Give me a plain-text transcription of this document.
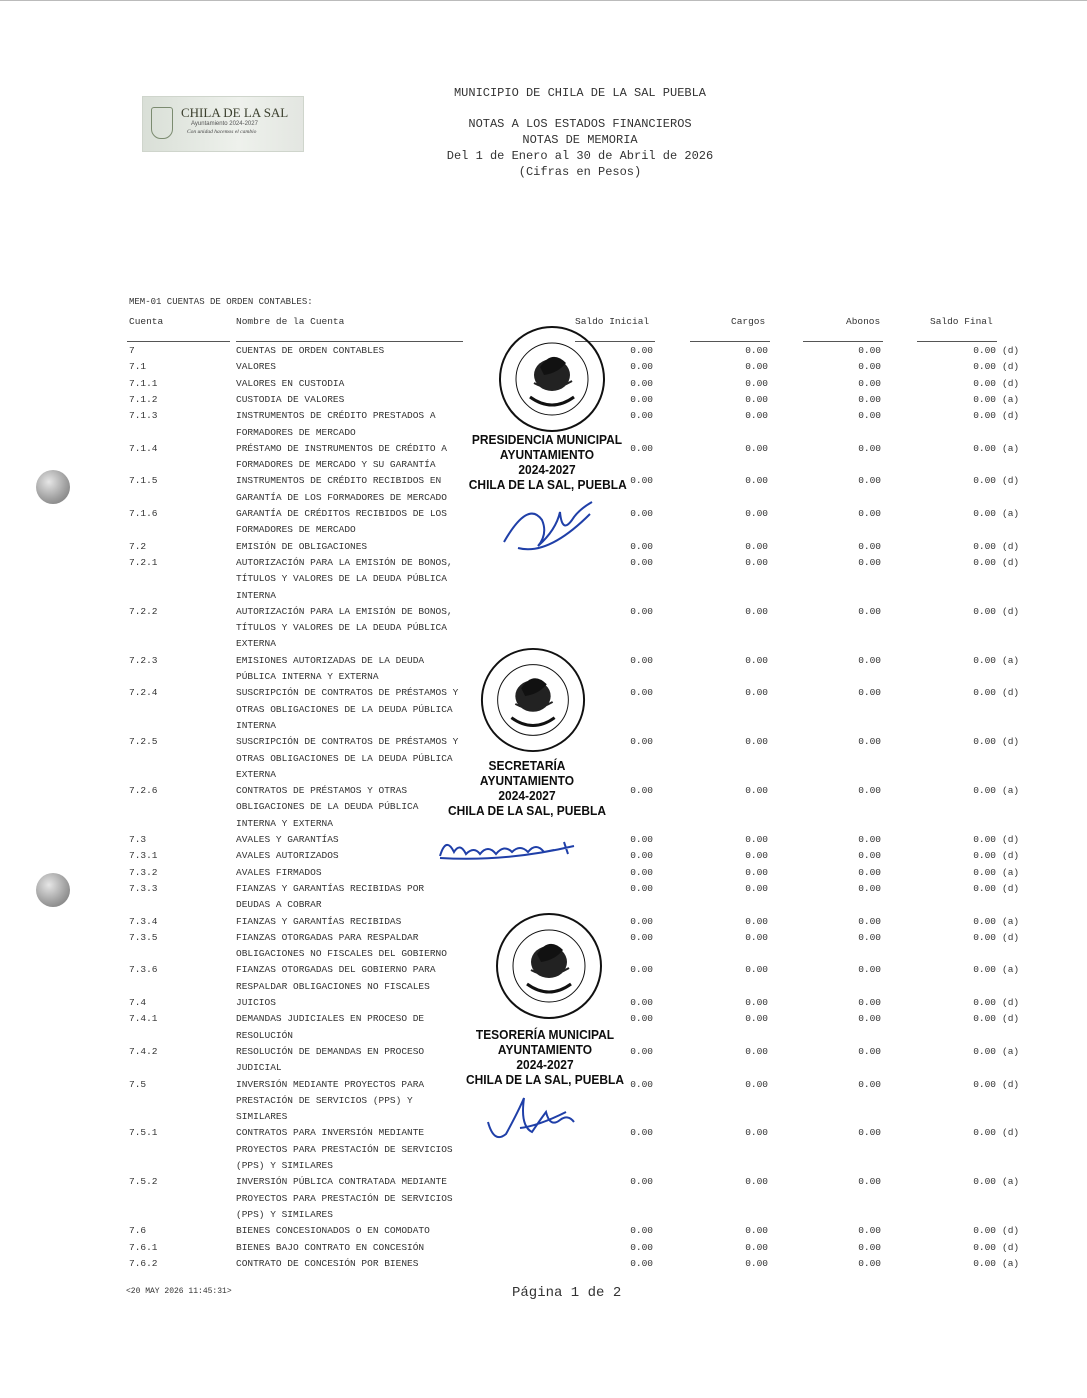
CHILA DE LA SAL
Ayuntamiento 2024-2027
Con unidad hacemos el cambio
MUNICIPIO DE CHILA DE LA SAL PUEBLA
NOTAS A LOS ESTADOS FINANCIEROS
NOTAS DE MEMORIA
Del 1 de Enero al 30 de Abril de 2026
(Cifras en Pesos)
MEM-01 CUENTAS DE ORDEN CONTABLES:
Cuenta	Nombre de la Cuenta	Saldo Inicial	Cargos	Abonos	Saldo Final
7	CUENTAS DE ORDEN CONTABLES	0.00	0.00	0.00	0.00 (d)
7.1	VALORES	0.00	0.00	0.00	0.00 (d)
7.1.1	VALORES EN CUSTODIA	0.00	0.00	0.00	0.00 (d)
7.1.2	CUSTODIA DE VALORES	0.00	0.00	0.00	0.00 (a)
7.1.3	INSTRUMENTOS DE CRÉDITO PRESTADOS A
FORMADORES DE MERCADO
0.00	0.00	0.00	0.00 (d)
7.1.4	PRÉSTAMO DE INSTRUMENTOS DE CRÉDITO A
FORMADORES DE MERCADO Y SU GARANTÍA
0.00	0.00	0.00	0.00 (a)
7.1.5	INSTRUMENTOS DE CRÉDITO RECIBIDOS EN
GARANTÍA DE LOS FORMADORES DE MERCADO
0.00	0.00	0.00	0.00 (d)
7.1.6	GARANTÍA DE CRÉDITOS RECIBIDOS DE LOS
FORMADORES DE MERCADO
0.00	0.00	0.00	0.00 (a)
7.2	EMISIÓN DE OBLIGACIONES	0.00	0.00	0.00	0.00 (d)
7.2.1	AUTORIZACIÓN PARA LA EMISIÓN DE BONOS,
TÍTULOS Y VALORES DE LA DEUDA PÚBLICA
INTERNA
0.00	0.00	0.00	0.00 (d)
7.2.2	AUTORIZACIÓN PARA LA EMISIÓN DE BONOS,
TÍTULOS Y VALORES DE LA DEUDA PÚBLICA
EXTERNA
0.00	0.00	0.00	0.00 (d)
7.2.3	EMISIONES AUTORIZADAS DE LA DEUDA
PÚBLICA INTERNA Y EXTERNA
0.00	0.00	0.00	0.00 (a)
7.2.4	SUSCRIPCIÓN DE CONTRATOS DE PRÉSTAMOS Y
OTRAS OBLIGACIONES DE LA DEUDA PÚBLICA
INTERNA
0.00	0.00	0.00	0.00 (d)
7.2.5	SUSCRIPCIÓN DE CONTRATOS DE PRÉSTAMOS Y
OTRAS OBLIGACIONES DE LA DEUDA PÚBLICA
EXTERNA
0.00	0.00	0.00	0.00 (d)
7.2.6	CONTRATOS DE PRÉSTAMOS Y OTRAS
OBLIGACIONES DE LA DEUDA PÚBLICA
INTERNA Y EXTERNA
0.00	0.00	0.00	0.00 (a)
7.3	AVALES Y GARANTÍAS	0.00	0.00	0.00	0.00 (d)
7.3.1	AVALES AUTORIZADOS	0.00	0.00	0.00	0.00 (d)
7.3.2	AVALES FIRMADOS	0.00	0.00	0.00	0.00 (a)
7.3.3	FIANZAS Y GARANTÍAS RECIBIDAS POR
DEUDAS A COBRAR
0.00	0.00	0.00	0.00 (d)
7.3.4	FIANZAS Y GARANTÍAS RECIBIDAS	0.00	0.00	0.00	0.00 (a)
7.3.5	FIANZAS OTORGADAS PARA RESPALDAR
OBLIGACIONES NO FISCALES DEL GOBIERNO
0.00	0.00	0.00	0.00 (d)
7.3.6	FIANZAS OTORGADAS DEL GOBIERNO PARA
RESPALDAR OBLIGACIONES NO FISCALES
0.00	0.00	0.00	0.00 (a)
7.4	JUICIOS	0.00	0.00	0.00	0.00 (d)
7.4.1	DEMANDAS JUDICIALES EN PROCESO DE
RESOLUCIÓN
0.00	0.00	0.00	0.00 (d)
7.4.2	RESOLUCIÓN DE DEMANDAS EN PROCESO
JUDICIAL
0.00	0.00	0.00	0.00 (a)
7.5	INVERSIÓN MEDIANTE PROYECTOS PARA
PRESTACIÓN DE SERVICIOS (PPS) Y
SIMILARES
0.00	0.00	0.00	0.00 (d)
7.5.1	CONTRATOS PARA INVERSIÓN MEDIANTE
PROYECTOS PARA PRESTACIÓN DE SERVICIOS
(PPS) Y SIMILARES
0.00	0.00	0.00	0.00 (d)
7.5.2	INVERSIÓN PÚBLICA CONTRATADA MEDIANTE
PROYECTOS PARA PRESTACIÓN DE SERVICIOS
(PPS) Y SIMILARES
0.00	0.00	0.00	0.00 (a)
7.6	BIENES CONCESIONADOS O EN COMODATO	0.00	0.00	0.00	0.00 (d)
7.6.1	BIENES BAJO CONTRATO EN CONCESIÓN	0.00	0.00	0.00	0.00 (d)
7.6.2	CONTRATO DE CONCESIÓN POR BIENES	0.00	0.00	0.00	0.00 (a)
PRESIDENCIA MUNICIPAL
AYUNTAMIENTO
2024-2027
CHILA DE LA SAL, PUEBLA
SECRETARÍA
AYUNTAMIENTO
2024-2027
CHILA DE LA SAL, PUEBLA
TESORERÍA MUNICIPAL
AYUNTAMIENTO
2024-2027
CHILA DE LA SAL, PUEBLA
<20 MAY 2026 11:45:31>	Página 1 de 2
